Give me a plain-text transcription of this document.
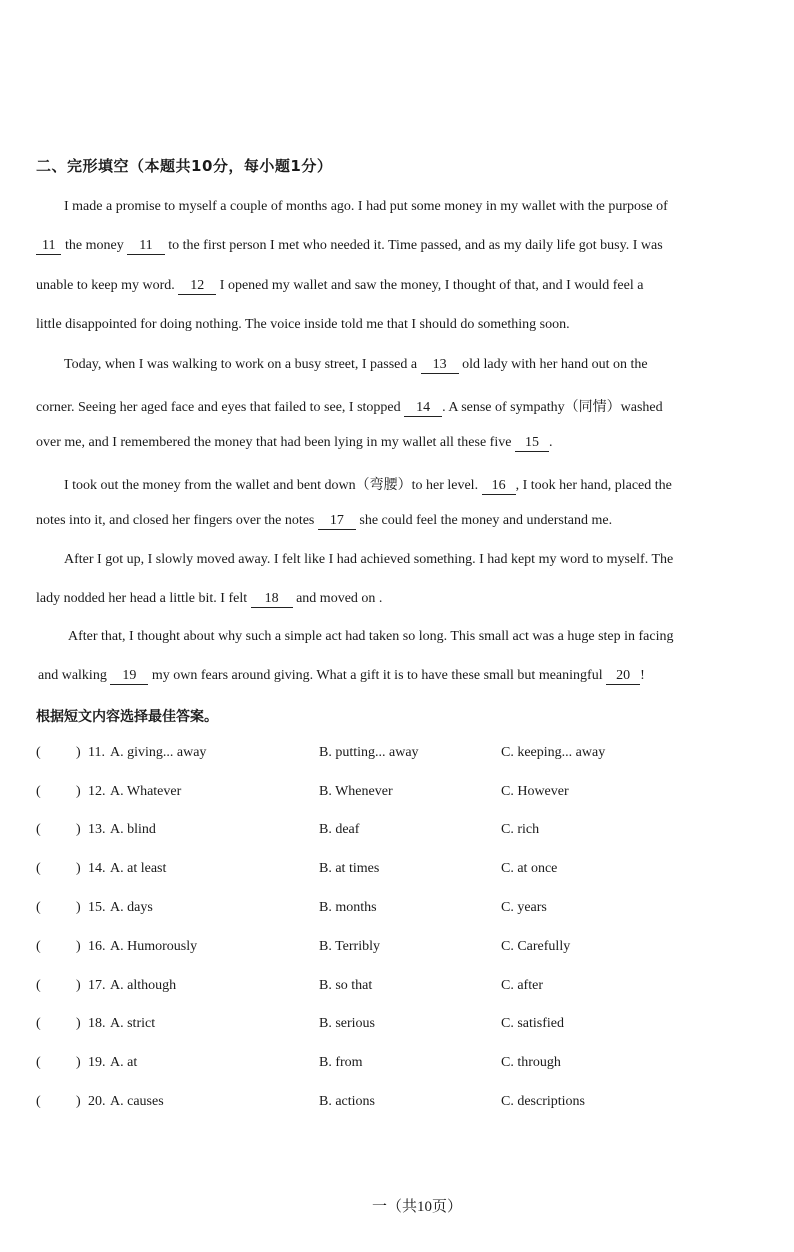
二、完形填空（本题共10分，每小题1分）
I made a promise to myself a couple of months ago. I had put some money in my wallet with the purpose of
11 the money 11 to the first person I met who needed it. Time passed, and as my daily life got busy. I was
unable to keep my word. 12 I opened my wallet and saw the money, I thought of that, and I would feel a
little disappointed for doing nothing. The voice inside told me that I should do something soon.
Today, when I was walking to work on a busy street, I passed a 13 old lady with her hand out on the
corner. Seeing her aged face and eyes that failed to see, I stopped 14 . A sense of sympathy（同情）washed
over me, and I remembered the money that had been lying in my wallet all these five 15 .
I took out the money from the wallet and bent down（弯腰）to her level. 16 , I took her hand, placed the
notes into it, and closed her fingers over the notes 17 she could feel the money and understand me.
After I got up, I slowly moved away. I felt like I had achieved something. I had kept my word to myself. The
lady nodded her head a little bit. I felt 18 and moved on .
After that, I thought about why such a simple act had taken so long. This small act was a huge step in facing
and walking 19 my own fears around giving. What a gift it is to have these small but meaningful 20 !
根据短文内容选择最佳答案。
(	) 11. A. giving... away	B. putting... away	C. keeping... away
(	) 12. A. Whatever	B. Whenever	C. However
(	) 13. A. blind	B. deaf	C. rich
(	) 14. A. at least	B. at times	C. at once
(	) 15. A. days	B. months	C. years
(	) 16. A. Humorously	B. Terribly	C. Carefully
(	) 17. A. although	B. so that	C. after
(	) 18. A. strict	B. serious	C. satisfied
(	) 19. A. at	B. from	C. through
(	) 20. A. causes	B. actions	C. descriptions
一（共10页）
